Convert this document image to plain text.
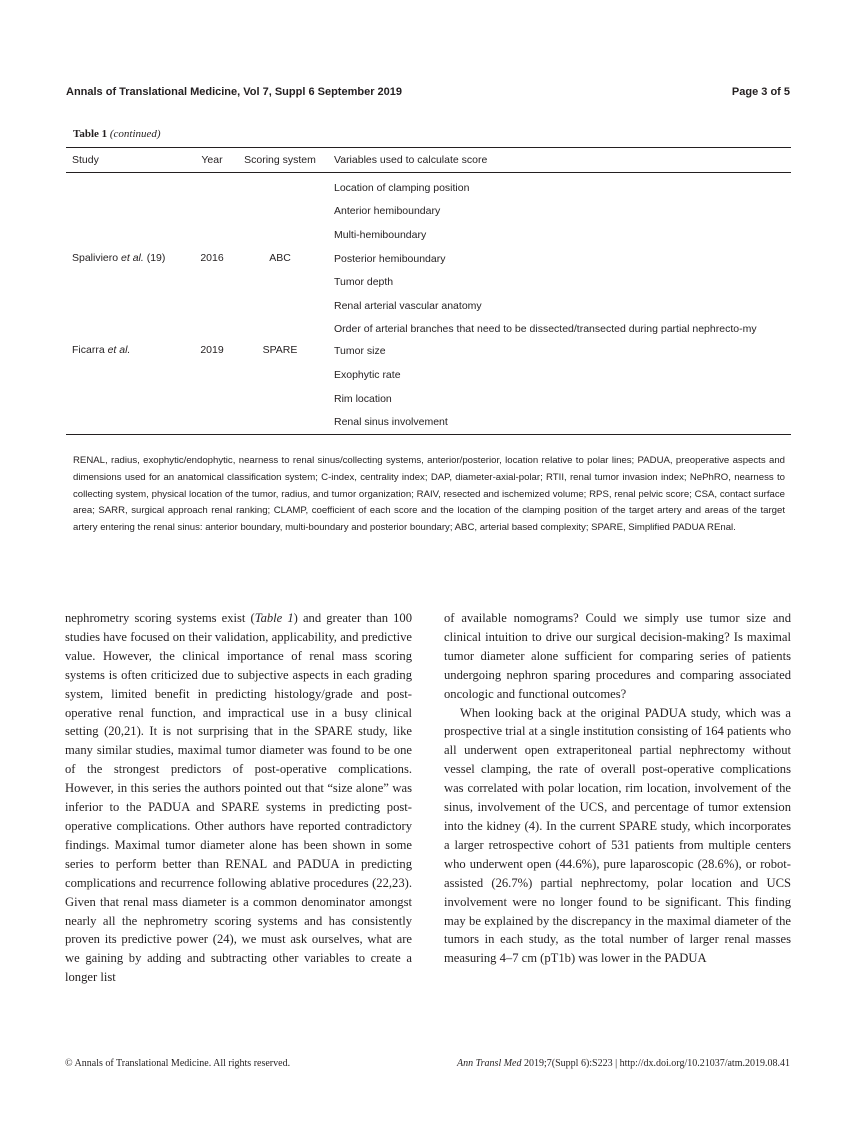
Annals of Translational Medicine, Vol 7, Suppl 6 September 2019	Page 3 of 5
Table 1 (continued)
Study	Year	Scoring system	Variables used to calculate score

Spaliviero et al. (19)	2016	ABC	Location of clamping position
			Anterior hemiboundary
			Multi-hemiboundary
			Posterior hemiboundary
			Tumor depth
			Renal arterial vascular anatomy
			Order of arterial branches that need to be dissected/transected during partial nephrecto-my
Ficarra et al.	2019	SPARE	Tumor size
			Exophytic rate
			Rim location
			Renal sinus involvement
RENAL, radius, exophytic/endophytic, nearness to renal sinus/collecting systems, anterior/posterior, location relative to polar lines; PADUA, preoperative aspects and dimensions used for an anatomical classification system; C-index, centrality index; DAP, diameter-axial-polar; RTII, renal tumor invasion index; NePhRO, nearness to collecting system, physical location of the tumor, radius, and tumor organization; RAIV, resected and ischemized volume; RPS, renal pelvic score; CSA, contact surface area; SARR, surgical approach renal ranking; CLAMP, coefficient of each score and the location of the clamping position of the target artery and areas of the target artery entering the renal sinus: anterior boundary, multi-boundary and posterior boundary; ABC, arterial based complexity; SPARE, Simplified PADUA REnal.

nephrometry scoring systems exist (Table 1) and greater than 100 studies have focused on their validation, applicability, and predictive value. However, the clinical importance of renal mass scoring systems is often criticized due to subjective aspects in each grading system, limited benefit in predicting histology/grade and post-operative renal function, and impractical use in a busy clinical setting (20,21). It is not surprising that in the SPARE study, like many similar studies, maximal tumor diameter was found to be one of the strongest predictors of post-operative complications. However, in this series the authors pointed out that “size alone” was inferior to the PADUA and SPARE systems in predicting post-operative complications. Other authors have reported contradictory findings. Maximal tumor diameter alone has been shown in some series to perform better than RENAL and PADUA in predicting complications and recurrence following ablative procedures (22,23). Given that renal mass diameter is a common denominator amongst nearly all the nephrometry scoring systems and has consistently proven its predictive power (24), we must ask ourselves, what are we gaining by adding and subtracting other variables to create a longer list

of available nomograms? Could we simply use tumor size and clinical intuition to drive our surgical decision-making? Is maximal tumor diameter alone sufficient for comparing series of patients undergoing nephron sparing procedures and comparing associated oncologic and functional outcomes?

When looking back at the original PADUA study, which was a prospective trial at a single institution consisting of 164 patients who all underwent open extraperitoneal partial nephrectomy without vessel clamping, the rate of overall post-operative complications was correlated with polar location, rim location, involvement of the sinus, involvement of the UCS, and percentage of tumor extension into the kidney (4). In the current SPARE study, which incorporates a larger retrospective cohort of 531 patients from multiple centers who underwent open (44.6%), pure laparoscopic (28.6%), or robot-assisted (26.7%) partial nephrectomy, polar location and UCS involvement were no longer found to be significant. This finding may be explained by the discrepancy in the maximal diameter of the tumors in each study, as the total number of larger renal masses measuring 4–7 cm (pT1b) was lower in the PADUA

© Annals of Translational Medicine. All rights reserved.	Ann Transl Med 2019;7(Suppl 6):S223 | http://dx.doi.org/10.21037/atm.2019.08.41
